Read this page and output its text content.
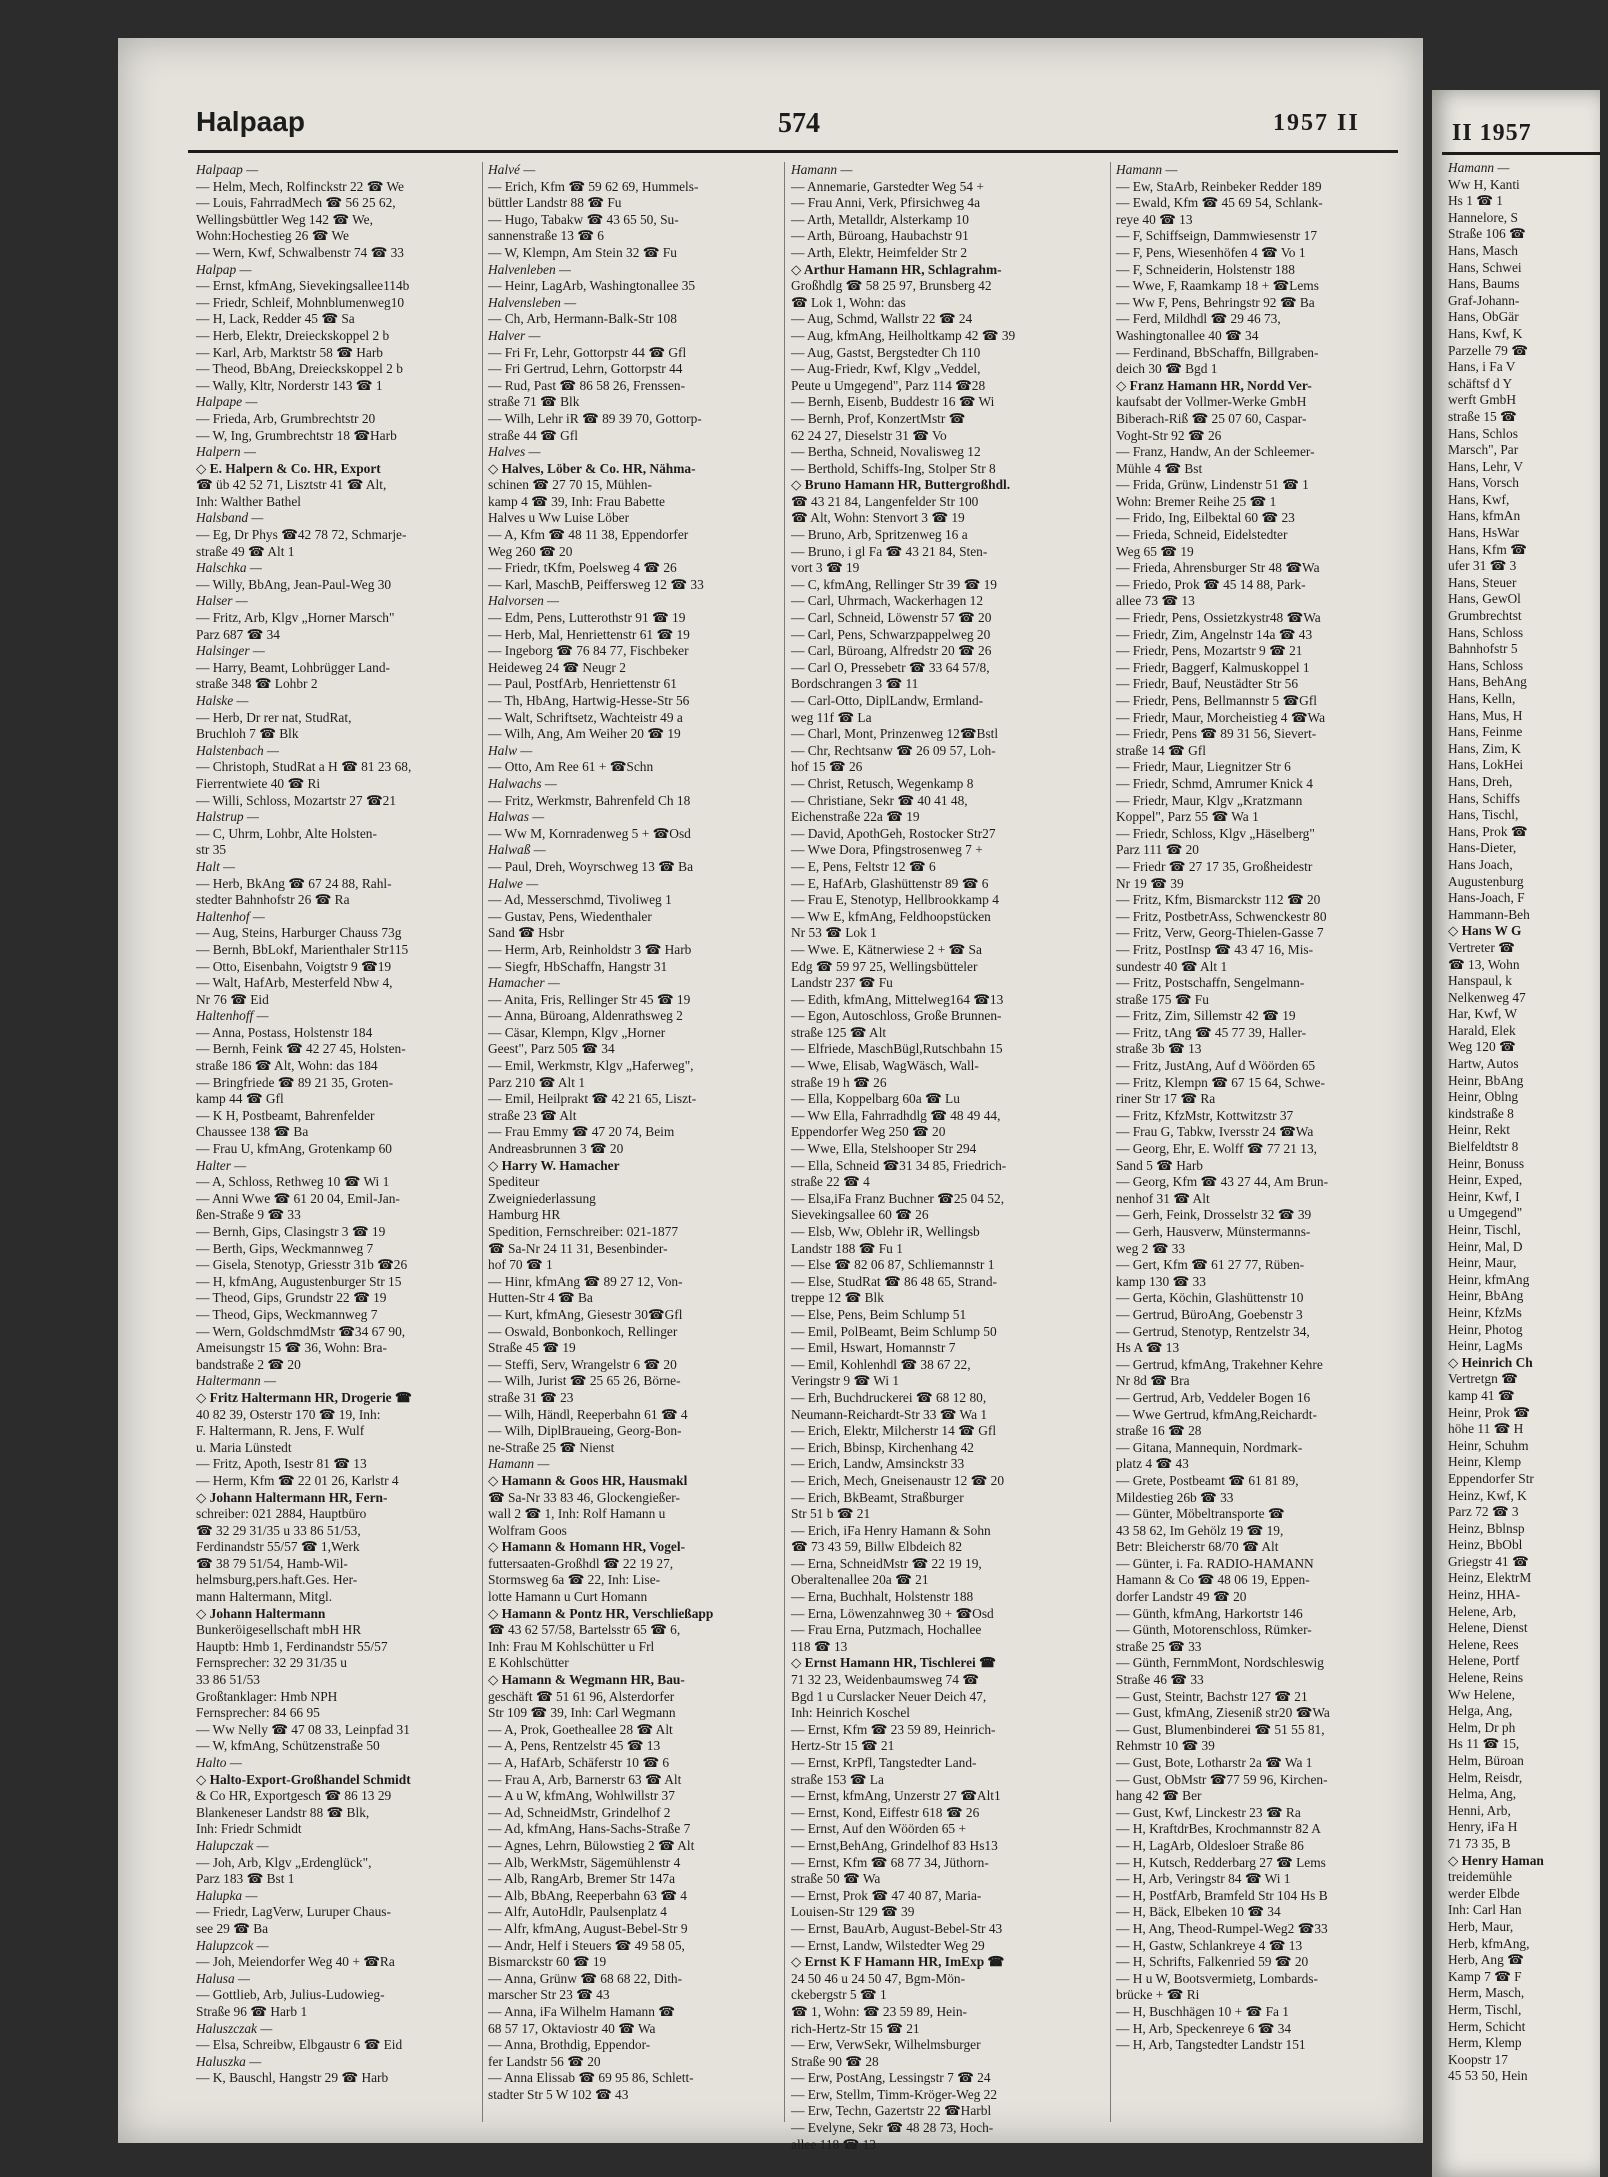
Halpaap	574	1957 II

Halpaap —

— Helm, Mech, Rolfinckstr 22 ☎ We

— Louis, FahrradMech ☎ 56 25 62,

Wellingsbüttler Weg 142 ☎ We,

Wohn:Hochestieg 26 ☎ We

— Wern, Kwf, Schwalbenstr 74 ☎ 33

Halpap —

— Ernst, kfmAng, Sievekingsallee114b

— Friedr, Schleif, Mohnblumenweg10

— H, Lack, Redder 45 ☎ Sa

— Herb, Elektr, Dreieckskoppel 2 b

— Karl, Arb, Marktstr 58 ☎ Harb

— Theod, BbAng, Dreieckskoppel 2 b

— Wally, Kltr, Norderstr 143 ☎ 1

Halpape —

— Frieda, Arb, Grumbrechtstr 20

— W, Ing, Grumbrechtstr 18 ☎Harb

Halpern —

◇ E. Halpern & Co. HR, Export

☎ üb 42 52 71, Lisztstr 41 ☎ Alt,

Inh: Walther Bathel

Halsband —

— Eg, Dr Phys ☎42 78 72, Schmarje-

straße 49 ☎ Alt 1

Halschka —

— Willy, BbAng, Jean-Paul-Weg 30

Halser —

— Fritz, Arb, Klgv „Horner Marsch"

Parz 687 ☎ 34

Halsinger —

— Harry, Beamt, Lohbrügger Land-

straße 348 ☎ Lohbr 2

Halske —

— Herb, Dr rer nat, StudRat,

Bruchloh 7 ☎ Blk

Halstenbach —

— Christoph, StudRat a H ☎ 81 23 68,

Fierrentwiete 40 ☎ Ri

— Willi, Schloss, Mozartstr 27 ☎21

Halstrup —

— C, Uhrm, Lohbr, Alte Holsten-

str 35

Halt —

— Herb, BkAng ☎ 67 24 88, Rahl-

stedter Bahnhofstr 26 ☎ Ra

Haltenhof —

— Aug, Steins, Harburger Chauss 73g

— Bernh, BbLokf, Marienthaler Str115

— Otto, Eisenbahn, Voigtstr 9 ☎19

— Walt, HafArb, Mesterfeld Nbw 4,

Nr 76 ☎ Eid

Haltenhoff —

— Anna, Postass, Holstenstr 184

— Bernh, Feink ☎ 42 27 45, Holsten-

straße 186 ☎ Alt, Wohn: das 184

— Bringfriede ☎ 89 21 35, Groten-

kamp 44 ☎ Gfl

— K H, Postbeamt, Bahrenfelder

Chaussee 138 ☎ Ba

— Frau U, kfmAng, Grotenkamp 60

Halter —

— A, Schloss, Rethweg 10 ☎ Wi 1

— Anni Wwe ☎ 61 20 04, Emil-Jan-

ßen-Straße 9 ☎ 33

— Bernh, Gips, Clasingstr 3 ☎ 19

— Berth, Gips, Weckmannweg 7

— Gisela, Stenotyp, Griesstr 31b ☎26

— H, kfmAng, Augustenburger Str 15

— Theod, Gips, Grundstr 22 ☎ 19

— Theod, Gips, Weckmannweg 7

— Wern, GoldschmdMstr ☎34 67 90,

Ameisungstr 15 ☎ 36, Wohn: Bra-

bandstraße 2 ☎ 20

Haltermann —

◇ Fritz Haltermann HR, Drogerie ☎

40 82 39, Osterstr 170 ☎ 19, Inh:

F. Haltermann, R. Jens, F. Wulf

u. Maria Lünstedt

— Fritz, Apoth, Isestr 81 ☎ 13

— Herm, Kfm ☎ 22 01 26, Karlstr 4

◇ Johann Haltermann HR, Fern-

schreiber: 021 2884, Hauptbüro

☎ 32 29 31/35 u 33 86 51/53,

Ferdinandstr 55/57 ☎ 1,Werk

☎ 38 79 51/54, Hamb-Wil-

helmsburg,pers.haft.Ges. Her-

mann Haltermann, Mitgl.

◇ Johann Haltermann

Bunkeröigesellschaft mbH HR

Hauptb: Hmb 1, Ferdinandstr 55/57

Fernsprecher: 32 29 31/35 u

33 86 51/53

Großtanklager: Hmb NPH

Fernsprecher: 84 66 95

— Ww Nelly ☎ 47 08 33, Leinpfad 31

— W, kfmAng, Schützenstraße 50

Halto —

◇ Halto-Export-Großhandel Schmidt

& Co HR, Exportgesch ☎ 86 13 29

Blankeneser Landstr 88 ☎ Blk,

Inh: Friedr Schmidt

Halupczak —

— Joh, Arb, Klgv „Erdenglück",

Parz 183 ☎ Bst 1

Halupka —

— Friedr, LagVerw, Luruper Chaus-

see 29 ☎ Ba

Halupzcok —

— Joh, Meiendorfer Weg 40 + ☎Ra

Halusa —

— Gottlieb, Arb, Julius-Ludowieg-

Straße 96 ☎ Harb 1

Haluszczak —

— Elsa, Schreibw, Elbgaustr 6 ☎ Eid

Haluszka —

— K, Bauschl, Hangstr 29 ☎ Harb

Halvé —

— Erich, Kfm ☎ 59 62 69, Hummels-

büttler Landstr 88 ☎ Fu

— Hugo, Tabakw ☎ 43 65 50, Su-

sannenstraße 13 ☎ 6

— W, Klempn, Am Stein 32 ☎ Fu

Halvenleben —

— Heinr, LagArb, Washingtonallee 35

Halvensleben —

— Ch, Arb, Hermann-Balk-Str 108

Halver —

— Fri Fr, Lehr, Gottorpstr 44 ☎ Gfl

— Fri Gertrud, Lehrn, Gottorpstr 44

— Rud, Past ☎ 86 58 26, Frenssen-

straße 71 ☎ Blk

— Wilh, Lehr iR ☎ 89 39 70, Gottorp-

straße 44 ☎ Gfl

Halves —

◇ Halves, Löber & Co. HR, Nähma-

schinen ☎ 27 70 15, Mühlen-

kamp 4 ☎ 39, Inh: Frau Babette

Halves u Ww Luise Löber

— A, Kfm ☎ 48 11 38, Eppendorfer

Weg 260 ☎ 20

— Friedr, tKfm, Poelsweg 4 ☎ 26

— Karl, MaschB, Peiffersweg 12 ☎ 33

Halvorsen —

— Edm, Pens, Lutterothstr 91 ☎ 19

— Herb, Mal, Henriettenstr 61 ☎ 19

— Ingeborg ☎ 76 84 77, Fischbeker

Heideweg 24 ☎ Neugr 2

— Paul, PostfArb, Henriettenstr 61

— Th, HbAng, Hartwig-Hesse-Str 56

— Walt, Schriftsetz, Wachteistr 49 a

— Wilh, Ang, Am Weiher 20 ☎ 19

Halw —

— Otto, Am Ree 61 + ☎Schn

Halwachs —

— Fritz, Werkmstr, Bahrenfeld Ch 18

Halwas —

— Ww M, Kornradenweg 5 + ☎Osd

Halwaß —

— Paul, Dreh, Woyrschweg 13 ☎ Ba

Halwe —

— Ad, Messerschmd, Tivoliweg 1

— Gustav, Pens, Wiedenthaler

Sand ☎ Hsbr

— Herm, Arb, Reinholdstr 3 ☎ Harb

— Siegfr, HbSchaffn, Hangstr 31

Hamacher —

— Anita, Fris, Rellinger Str 45 ☎ 19

— Anna, Büroang, Aldenrathsweg 2

— Cäsar, Klempn, Klgv „Horner

Geest", Parz 505 ☎ 34

— Emil, Werkmstr, Klgv „Haferweg",

Parz 210 ☎ Alt 1

— Emil, Heilprakt ☎ 42 21 65, Liszt-

straße 23 ☎ Alt

— Frau Emmy ☎ 47 20 74, Beim

Andreasbrunnen 3 ☎ 20

◇ Harry W. Hamacher

Spediteur

Zweigniederlassung

Hamburg HR

Spedition, Fernschreiber: 021-1877

☎ Sa-Nr 24 11 31, Besenbinder-

hof 70 ☎ 1

— Hinr, kfmAng ☎ 89 27 12, Von-

Hutten-Str 4 ☎ Ba

— Kurt, kfmAng, Giesestr 30☎Gfl

— Oswald, Bonbonkoch, Rellinger

Straße 45 ☎ 19

— Steffi, Serv, Wrangelstr 6 ☎ 20

— Wilh, Jurist ☎ 25 65 26, Börne-

straße 31 ☎ 23

— Wilh, Händl, Reeperbahn 61 ☎ 4

— Wilh, DiplBraueing, Georg-Bon-

ne-Straße 25 ☎ Nienst

Hamann —

◇ Hamann & Goos HR, Hausmakl

☎ Sa-Nr 33 83 46, Glockengießer-

wall 2 ☎ 1, Inh: Rolf Hamann u

Wolfram Goos

◇ Hamann & Homann HR, Vogel-

futtersaaten-Großhdl ☎ 22 19 27,

Stormsweg 6a ☎ 22, Inh: Lise-

lotte Hamann u Curt Homann

◇ Hamann & Pontz HR, Verschließapp

☎ 43 62 57/58, Bartelsstr 65 ☎ 6,

Inh: Frau M Kohlschütter u Frl

E Kohlschütter

◇ Hamann & Wegmann HR, Bau-

geschäft ☎ 51 61 96, Alsterdorfer

Str 109 ☎ 39, Inh: Carl Wegmann

— A, Prok, Goetheallee 28 ☎ Alt

— A, Pens, Rentzelstr 45 ☎ 13

— A, HafArb, Schäferstr 10 ☎ 6

— Frau A, Arb, Barnerstr 63 ☎ Alt

— A u W, kfmAng, Wohlwillstr 37

— Ad, SchneidMstr, Grindelhof 2

— Ad, kfmAng, Hans-Sachs-Straße 7

— Agnes, Lehrn, Bülowstieg 2 ☎ Alt

— Alb, WerkMstr, Sägemühlenstr 4

— Alb, RangArb, Bremer Str 147a

— Alb, BbAng, Reeperbahn 63 ☎ 4

— Alfr, AutoHdlr, Paulsenplatz 4

— Alfr, kfmAng, August-Bebel-Str 9

— Andr, Helf i Steuers ☎ 49 58 05,

Bismarckstr 60 ☎ 19

— Anna, Grünw ☎ 68 68 22, Dith-

marscher Str 23 ☎ 43

— Anna, iFa Wilhelm Hamann ☎

68 57 17, Oktaviostr 40 ☎ Wa

— Anna, Brothdig, Eppendor-

fer Landstr 56 ☎ 20

— Anna Elissab ☎ 69 95 86, Schlett-

stadter Str 5 W 102 ☎ 43

Hamann —

— Annemarie, Garstedter Weg 54 +

— Frau Anni, Verk, Pfirsichweg 4a

— Arth, Metalldr, Alsterkamp 10

— Arth, Büroang, Haubachstr 91

— Arth, Elektr, Heimfelder Str 2

◇ Arthur Hamann HR, Schlagrahm-

Großhdlg ☎ 58 25 97, Brunsberg 42

☎ Lok 1, Wohn: das

— Aug, Schmd, Wallstr 22 ☎ 24

— Aug, kfmAng, Heilholtkamp 42 ☎ 39

— Aug, Gastst, Bergstedter Ch 110

— Aug-Friedr, Kwf, Klgv „Veddel,

Peute u Umgegend", Parz 114 ☎28

— Bernh, Eisenb, Buddestr 16 ☎ Wi

— Bernh, Prof, KonzertMstr ☎

62 24 27, Dieselstr 31 ☎ Vo

— Bertha, Schneid, Novalisweg 12

— Berthold, Schiffs-Ing, Stolper Str 8

◇ Bruno Hamann HR, Buttergroßhdl.

☎ 43 21 84, Langenfelder Str 100

☎ Alt, Wohn: Stenvort 3 ☎ 19

— Bruno, Arb, Spritzenweg 16 a

— Bruno, i gl Fa ☎ 43 21 84, Sten-

vort 3 ☎ 19

— C, kfmAng, Rellinger Str 39 ☎ 19

— Carl, Uhrmach, Wackerhagen 12

— Carl, Schneid, Löwenstr 57 ☎ 20

— Carl, Pens, Schwarzpappelweg 20

— Carl, Büroang, Alfredstr 20 ☎ 26

— Carl O, Pressebetr ☎ 33 64 57/8,

Bordschrangen 3 ☎ 11

— Carl-Otto, DiplLandw, Ermland-

weg 11f ☎ La

— Charl, Mont, Prinzenweg 12☎Bstl

— Chr, Rechtsanw ☎ 26 09 57, Loh-

hof 15 ☎ 26

— Christ, Retusch, Wegenkamp 8

— Christiane, Sekr ☎ 40 41 48,

Eichenstraße 22a ☎ 19

— David, ApothGeh, Rostocker Str27

— Wwe Dora, Pfingstrosenweg 7 +

— E, Pens, Feltstr 12 ☎ 6

— E, HafArb, Glashüttenstr 89 ☎ 6

— Frau E, Stenotyp, Hellbrookkamp 4

— Ww E, kfmAng, Feldhoopstücken

Nr 53 ☎ Lok 1

— Wwe. E, Kätnerwiese 2 + ☎ Sa

Edg ☎ 59 97 25, Wellingsbütteler

Landstr 237 ☎ Fu

— Edith, kfmAng, Mittelweg164 ☎13

— Egon, Autoschloss, Große Brunnen-

straße 125 ☎ Alt

— Elfriede, MaschBügl,Rutschbahn 15

— Wwe, Elisab, WagWäsch, Wall-

straße 19 h ☎ 26

— Ella, Koppelbarg 60a ☎ Lu

— Ww Ella, Fahrradhdlg ☎ 48 49 44,

Eppendorfer Weg 250 ☎ 20

— Wwe, Ella, Stelshooper Str 294

— Ella, Schneid ☎31 34 85, Friedrich-

straße 22 ☎ 4

— Elsa,iFa Franz Buchner ☎25 04 52,

Sievekingsallee 60 ☎ 26

— Elsb, Ww, Oblehr iR, Wellingsb

Landstr 188 ☎ Fu 1

— Else ☎ 82 06 87, Schliemannstr 1

— Else, StudRat ☎ 86 48 65, Strand-

treppe 12 ☎ Blk

— Else, Pens, Beim Schlump 51

— Emil, PolBeamt, Beim Schlump 50

— Emil, Hswart, Homannstr 7

— Emil, Kohlenhdl ☎ 38 67 22,

Veringstr 9 ☎ Wi 1

— Erh, Buchdruckerei ☎ 68 12 80,

Neumann-Reichardt-Str 33 ☎ Wa 1

— Erich, Elektr, Milcherstr 14 ☎ Gfl

— Erich, Bbinsp, Kirchenhang 42

— Erich, Landw, Amsinckstr 33

— Erich, Mech, Gneisenaustr 12 ☎ 20

— Erich, BkBeamt, Straßburger

Str 51 b ☎ 21

— Erich, iFa Henry Hamann & Sohn

☎ 73 43 59, Billw Elbdeich 82

— Erna, SchneidMstr ☎ 22 19 19,

Oberaltenallee 20a ☎ 21

— Erna, Buchhalt, Holstenstr 188

— Erna, Löwenzahnweg 30 + ☎Osd

— Frau Erna, Putzmach, Hochallee

118 ☎ 13

◇ Ernst Hamann HR, Tischlerei ☎

71 32 23, Weidenbaumsweg 74 ☎

Bgd 1 u Curslacker Neuer Deich 47,

Inh: Heinrich Koschel

— Ernst, Kfm ☎ 23 59 89, Heinrich-

Hertz-Str 15 ☎ 21

— Ernst, KrPfl, Tangstedter Land-

straße 153 ☎ La

— Ernst, kfmAng, Unzerstr 27 ☎Alt1

— Ernst, Kond, Eiffestr 618 ☎ 26

— Ernst, Auf den Wöörden 65 +

— Ernst,BehAng, Grindelhof 83 Hs13

— Ernst, Kfm ☎ 68 77 34, Jüthorn-

straße 50 ☎ Wa

— Ernst, Prok ☎ 47 40 87, Maria-

Louisen-Str 129 ☎ 39

— Ernst, BauArb, August-Bebel-Str 43

— Ernst, Landw, Wilstedter Weg 29

◇ Ernst K F Hamann HR, ImExp ☎

24 50 46 u 24 50 47, Bgm-Mön-

ckebergstr 5 ☎ 1

☎ 1, Wohn: ☎ 23 59 89, Hein-

rich-Hertz-Str 15 ☎ 21

— Erw, VerwSekr, Wilhelmsburger

Straße 90 ☎ 28

— Erw, PostAng, Lessingstr 7 ☎ 24

— Erw, Stellm, Timm-Kröger-Weg 22

— Erw, Techn, Gazertstr 22 ☎Harbl

— Evelyne, Sekr ☎ 48 28 73, Hoch-

allee 118 ☎ 13

Hamann —

— Ew, StaArb, Reinbeker Redder 189

— Ewald, Kfm ☎ 45 69 54, Schlank-

reye 40 ☎ 13

— F, Schiffseign, Dammwiesenstr 17

— F, Pens, Wiesenhöfen 4 ☎ Vo 1

— F, Schneiderin, Holstenstr 188

— Wwe, F, Raamkamp 18 + ☎Lems

— Ww F, Pens, Behringstr 92 ☎ Ba

— Ferd, Mildhdl ☎ 29 46 73,

Washingtonallee 40 ☎ 34

— Ferdinand, BbSchaffn, Billgraben-

deich 30 ☎ Bgd 1

◇ Franz Hamann HR, Nordd Ver-

kaufsabt der Vollmer-Werke GmbH

Biberach-Riß ☎ 25 07 60, Caspar-

Voght-Str 92 ☎ 26

— Franz, Handw, An der Schleemer-

Mühle 4 ☎ Bst

— Frida, Grünw, Lindenstr 51 ☎ 1

Wohn: Bremer Reihe 25 ☎ 1

— Frido, Ing, Eilbektal 60 ☎ 23

— Frieda, Schneid, Eidelstedter

Weg 65 ☎ 19

— Frieda, Ahrensburger Str 48 ☎Wa

— Friedo, Prok ☎ 45 14 88, Park-

allee 73 ☎ 13

— Friedr, Pens, Ossietzkystr48 ☎Wa

— Friedr, Zim, Angelnstr 14a ☎ 43

— Friedr, Pens, Mozartstr 9 ☎ 21

— Friedr, Baggerf, Kalmuskoppel 1

— Friedr, Bauf, Neustädter Str 56

— Friedr, Pens, Bellmannstr 5 ☎Gfl

— Friedr, Maur, Morcheistieg 4 ☎Wa

— Friedr, Pens ☎ 89 31 56, Sievert-

straße 14 ☎ Gfl

— Friedr, Maur, Liegnitzer Str 6

— Friedr, Schmd, Amrumer Knick 4

— Friedr, Maur, Klgv „Kratzmann

Koppel", Parz 55 ☎ Wa 1

— Friedr, Schloss, Klgv „Häselberg"

Parz 111 ☎ 20

— Friedr ☎ 27 17 35, Großheidestr

Nr 19 ☎ 39

— Fritz, Kfm, Bismarckstr 112 ☎ 20

— Fritz, PostbetrAss, Schwenckestr 80

— Fritz, Verw, Georg-Thielen-Gasse 7

— Fritz, PostInsp ☎ 43 47 16, Mis-

sundestr 40 ☎ Alt 1

— Fritz, Postschaffn, Sengelmann-

straße 175 ☎ Fu

— Fritz, Zim, Sillemstr 42 ☎ 19

— Fritz, tAng ☎ 45 77 39, Haller-

straße 3b ☎ 13

— Fritz, JustAng, Auf d Wöörden 65

— Fritz, Klempn ☎ 67 15 64, Schwe-

riner Str 17 ☎ Ra

— Fritz, KfzMstr, Kottwitzstr 37

— Frau G, Tabkw, Iversstr 24 ☎Wa

— Georg, Ehr, E. Wolff ☎ 77 21 13,

Sand 5 ☎ Harb

— Georg, Kfm ☎ 43 27 44, Am Brun-

nenhof 31 ☎ Alt

— Gerh, Feink, Drosselstr 32 ☎ 39

— Gerh, Hausverw, Münstermanns-

weg 2 ☎ 33

— Gert, Kfm ☎ 61 27 77, Rüben-

kamp 130 ☎ 33

— Gerta, Köchin, Glashüttenstr 10

— Gertrud, BüroAng, Goebenstr 3

— Gertrud, Stenotyp, Rentzelstr 34,

Hs A ☎ 13

— Gertrud, kfmAng, Trakehner Kehre

Nr 8d ☎ Bra

— Gertrud, Arb, Veddeler Bogen 16

— Wwe Gertrud, kfmAng,Reichardt-

straße 16 ☎ 28

— Gitana, Mannequin, Nordmark-

platz 4 ☎ 43

— Grete, Postbeamt ☎ 61 81 89,

Mildestieg 26b ☎ 33

— Günter, Möbeltransporte ☎

43 58 62, Im Gehölz 19 ☎ 19,

Betr: Bleicherstr 68/70 ☎ Alt

— Günter, i. Fa. RADIO-HAMANN

Hamann & Co ☎ 48 06 19, Eppen-

dorfer Landstr 49 ☎ 20

— Günth, kfmAng, Harkortstr 146

— Günth, Motorenschloss, Rümker-

straße 25 ☎ 33

— Günth, FernmMont, Nordschleswig

Straße 46 ☎ 33

— Gust, Steintr, Bachstr 127 ☎ 21

— Gust, kfmAng, Zieseniß str20 ☎Wa

— Gust, Blumenbinderei ☎ 51 55 81,

Rehmstr 10 ☎ 39

— Gust, Bote, Lotharstr 2a ☎ Wa 1

— Gust, ObMstr ☎77 59 96, Kirchen-

hang 42 ☎ Ber

— Gust, Kwf, Linckestr 23 ☎ Ra

— H, KraftdrBes, Krochmannstr 82 A

— H, LagArb, Oldesloer Straße 86

— H, Kutsch, Redderbarg 27 ☎ Lems

— H, Arb, Veringstr 84 ☎ Wi 1

— H, PostfArb, Bramfeld Str 104 Hs B

— H, Bäck, Elbeken 10 ☎ 34

— H, Ang, Theod-Rumpel-Weg2 ☎33

— H, Gastw, Schlankreye 4 ☎ 13

— H, Schrifts, Falkenried 59 ☎ 20

— H u W, Bootsvermietg, Lombards-

brücke + ☎ Ri

— H, Buschhägen 10 + ☎ Fa 1

— H, Arb, Speckenreye 6 ☎ 34

— H, Arb, Tangstedter Landstr 151

II 1957

Hamann —

Ww H, Kanti

Hs 1 ☎ 1

Hannelore, S

Straße 106 ☎

Hans, Masch

Hans, Schwei

Hans, Baums

Graf-Johann-

Hans, ObGär

Hans, Kwf, K

Parzelle 79 ☎

Hans, i Fa V

schäftsf d Y

werft GmbH

straße 15 ☎

Hans, Schlos

Marsch", Par

Hans, Lehr, V

Hans, Vorsch

Hans, Kwf,

Hans, kfmAn

Hans, HsWar

Hans, Kfm ☎

ufer 31 ☎ 3

Hans, Steuer

Hans, GewOl

Grumbrechtst

Hans, Schloss

Bahnhofstr 5

Hans, Schloss

Hans, BehAng

Hans, Kelln,

Hans, Mus, H

Hans, Feinme

Hans, Zim, K

Hans, LokHei

Hans, Dreh,

Hans, Schiffs

Hans, Tischl,

Hans, Prok ☎

Hans-Dieter,

Hans Joach,

Augustenburg

Hans-Joach, F

Hammann-Beh

◇ Hans W G

Vertreter ☎

☎ 13, Wohn

Hanspaul, k

Nelkenweg 47

Har, Kwf, W

Harald, Elek

Weg 120 ☎

Hartw, Autos

Heinr, BbAng

Heinr, Oblng

kindstraße 8

Heinr, Rekt

Bielfeldtstr 8

Heinr, Bonuss

Heinr, Exped,

Heinr, Kwf, I

u Umgegend"

Heinr, Tischl,

Heinr, Mal, D

Heinr, Maur,

Heinr, kfmAng

Heinr, BbAng

Heinr, KfzMs

Heinr, Photog

Heinr, LagMs

◇ Heinrich Ch

Vertretgn ☎

kamp 41 ☎

Heinr, Prok ☎

höhe 11 ☎ H

Heinr, Schuhm

Heinr, Klemp

Eppendorfer Str

Heinz, Kwf, K

Parz 72 ☎ 3

Heinz, Bblnsp

Heinz, BbObl

Griegstr 41 ☎

Heinz, ElektrM

Heinz, HHA-

Helene, Arb,

Helene, Dienst

Helene, Rees

Helene, Portf

Helene, Reins

Ww Helene,

Helga, Ang,

Helm, Dr ph

Hs 11 ☎ 15,

Helm, Büroan

Helm, Reisdr,

Helma, Ang,

Henni, Arb,

Henry, iFa H

71 73 35, B

◇ Henry Haman

treidemühle

werder Elbde

Inh: Carl Han

Herb, Maur,

Herb, kfmAng,

Herb, Ang ☎

Kamp 7 ☎ F

Herm, Masch,

Herm, Tischl,

Herm, Schicht

Herm, Klemp

Koopstr 17

45 53 50, Hein
